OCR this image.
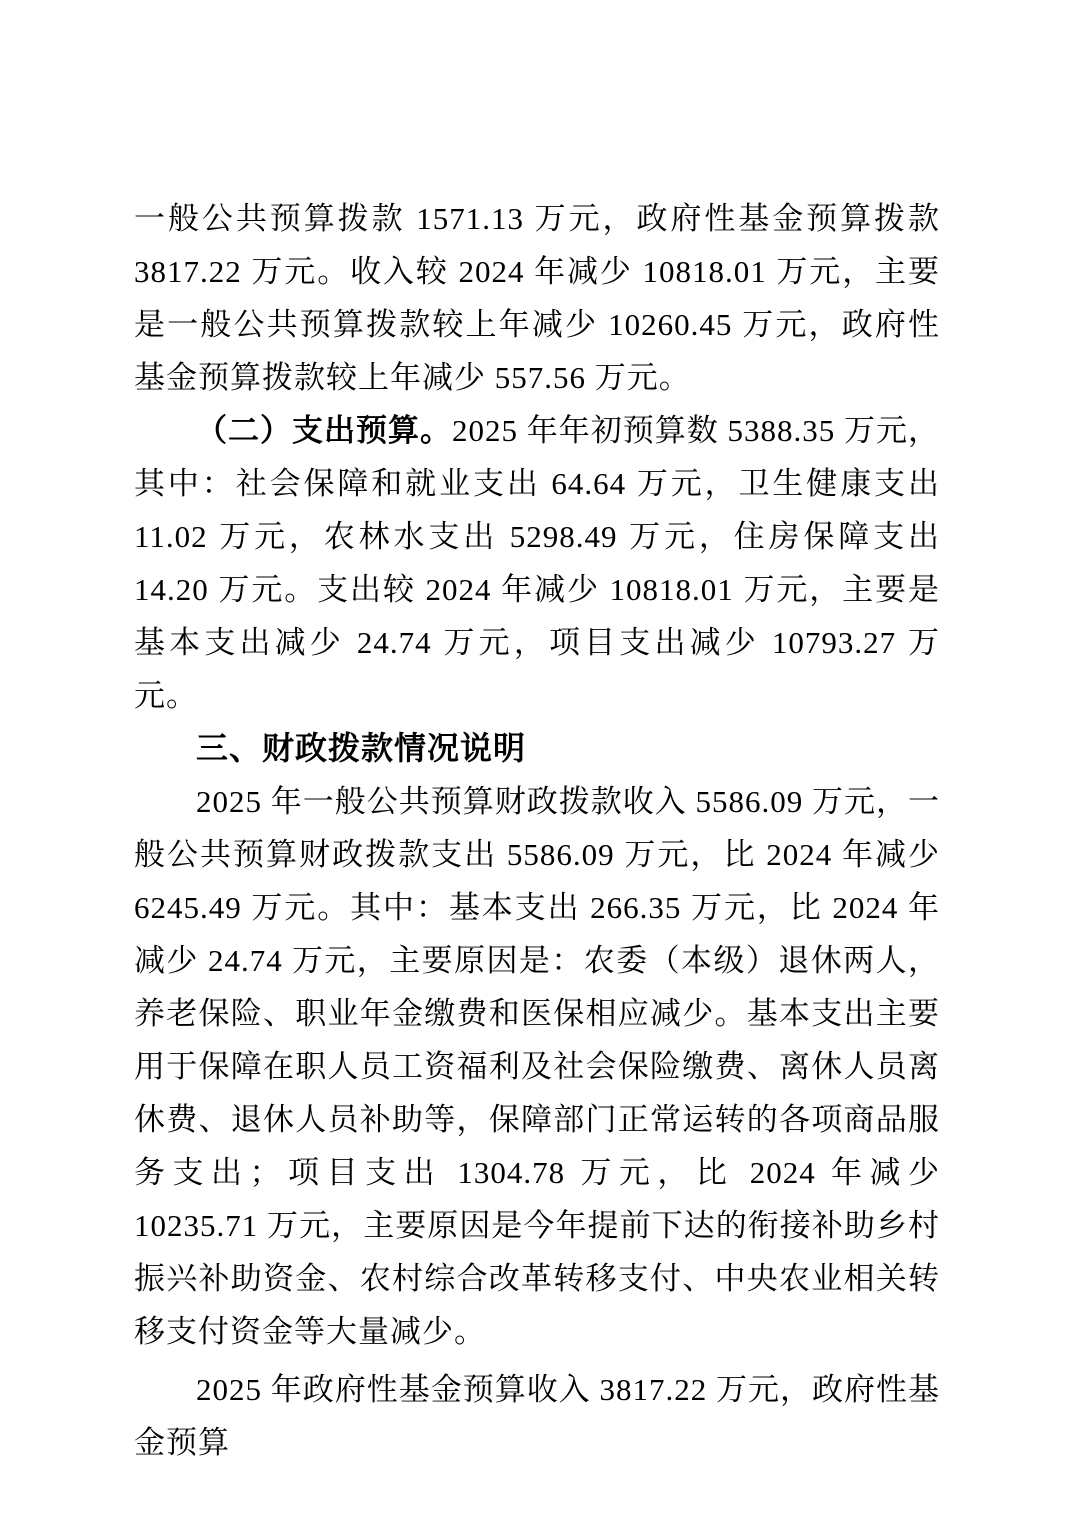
一般公共预算拨款 1571.13 万元，政府性基金预算拨款 3817.22 万元。收入较 2024 年减少 10818.01 万元，主要是一般公共预算拨款较上年减少 10260.45 万元，政府性基金预算拨款较上年减少 557.56 万元。

（二）支出预算。2025 年年初预算数 5388.35 万元，其中：社会保障和就业支出 64.64 万元，卫生健康支出 11.02 万元，农林水支出 5298.49 万元，住房保障支出 14.20 万元。支出较 2024 年减少 10818.01 万元，主要是基本支出减少 24.74 万元，项目支出减少 10793.27 万元。

三、财政拨款情况说明

2025 年一般公共预算财政拨款收入 5586.09 万元，一般公共预算财政拨款支出 5586.09 万元，比 2024 年减少 6245.49 万元。其中：基本支出 266.35 万元，比 2024 年减少 24.74 万元，主要原因是：农委（本级）退休两人，养老保险、职业年金缴费和医保相应减少。基本支出主要用于保障在职人员工资福利及社会保险缴费、离休人员离休费、退休人员补助等，保障部门正常运转的各项商品服务支出；项目支出 1304.78 万元，比 2024 年减少 10235.71 万元，主要原因是今年提前下达的衔接补助乡村振兴补助资金、农村综合改革转移支付、中央农业相关转移支付资金等大量减少。

2025 年政府性基金预算收入 3817.22 万元，政府性基金预算
